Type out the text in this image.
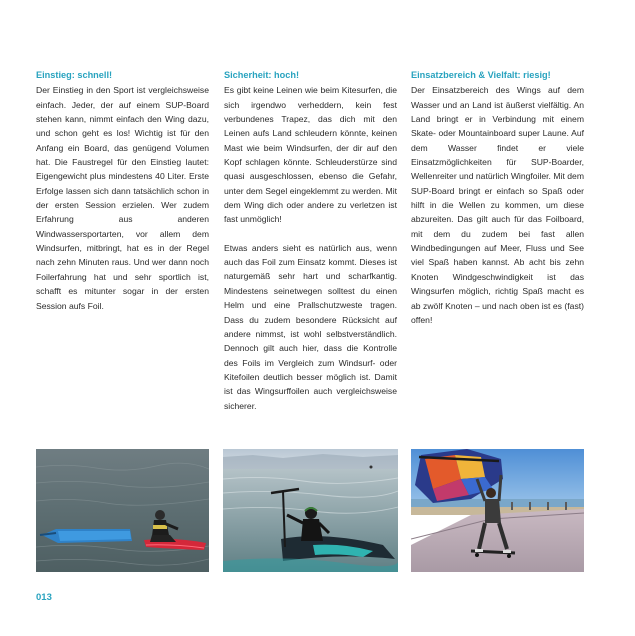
Einstieg: schnell!

Der Einstieg in den Sport ist vergleichsweise einfach. Jeder, der auf einem SUP-Board stehen kann, nimmt einfach den Wing dazu, und schon geht es los! Wichtig ist für den Anfang ein Board, das genügend Volumen hat. Die Faustregel für den Einstieg lautet: Eigengewicht plus mindestens 40 Liter. Erste Erfolge lassen sich dann tatsächlich schon in der ersten Session erzielen. Wer zudem Erfahrung aus anderen Windwassersportarten, vor allem dem Windsurfen, mitbringt, hat es in der Regel nach zehn Minuten raus. Und wer dann noch Foilerfahrung hat und sehr sportlich ist, schafft es mitunter sogar in der ersten Session aufs Foil.

Sicherheit: hoch!

Es gibt keine Leinen wie beim Kitesurfen, die sich irgendwo verheddern, kein fest verbundenes Trapez, das dich mit den Leinen aufs Land schleudern könnte, keinen Mast wie beim Windsurfen, der dir auf den Kopf schlagen könnte. Schleuderstürze sind quasi ausgeschlossen, ebenso die Gefahr, unter dem Segel eingeklemmt zu werden. Mit dem Wing dich oder andere zu verletzen ist fast unmöglich!

Etwas anders sieht es natürlich aus, wenn auch das Foil zum Einsatz kommt. Dieses ist naturgemäß sehr hart und scharfkantig. Mindestens seinetwegen solltest du einen Helm und eine Prallschutzweste tragen. Dass du zudem besondere Rücksicht auf andere nimmst, ist wohl selbstverständlich. Dennoch gilt auch hier, dass die Kontrolle des Foils im Vergleich zum Windsurf- oder Kitefoilen deutlich besser möglich ist. Damit ist das Wingsurffoilen auch vergleichsweise sicherer.

Einsatzbereich & Vielfalt: riesig!

Der Einsatzbereich des Wings auf dem Wasser und an Land ist äußerst vielfältig. An Land bringt er in Verbindung mit einem Skate- oder Mountainboard super Laune. Auf dem Wasser findet er viele Einsatzmöglichkeiten für SUP-Boarder, Wellenreiter und natürlich Wingfoiler. Mit dem SUP-Board bringt er einfach so Spaß oder hilft in die Wellen zu kommen, um diese abzureiten. Das gilt auch für das Foilboard, mit dem du zudem bei fast allen Windbedingungen auf Meer, Fluss und See viel Spaß haben kannst. Ab acht bis zehn Knoten Windgeschwindigkeit ist das Wingsurfen möglich, richtig Spaß macht es ab zwölf Knoten – und nach oben ist es (fast) offen!

013
